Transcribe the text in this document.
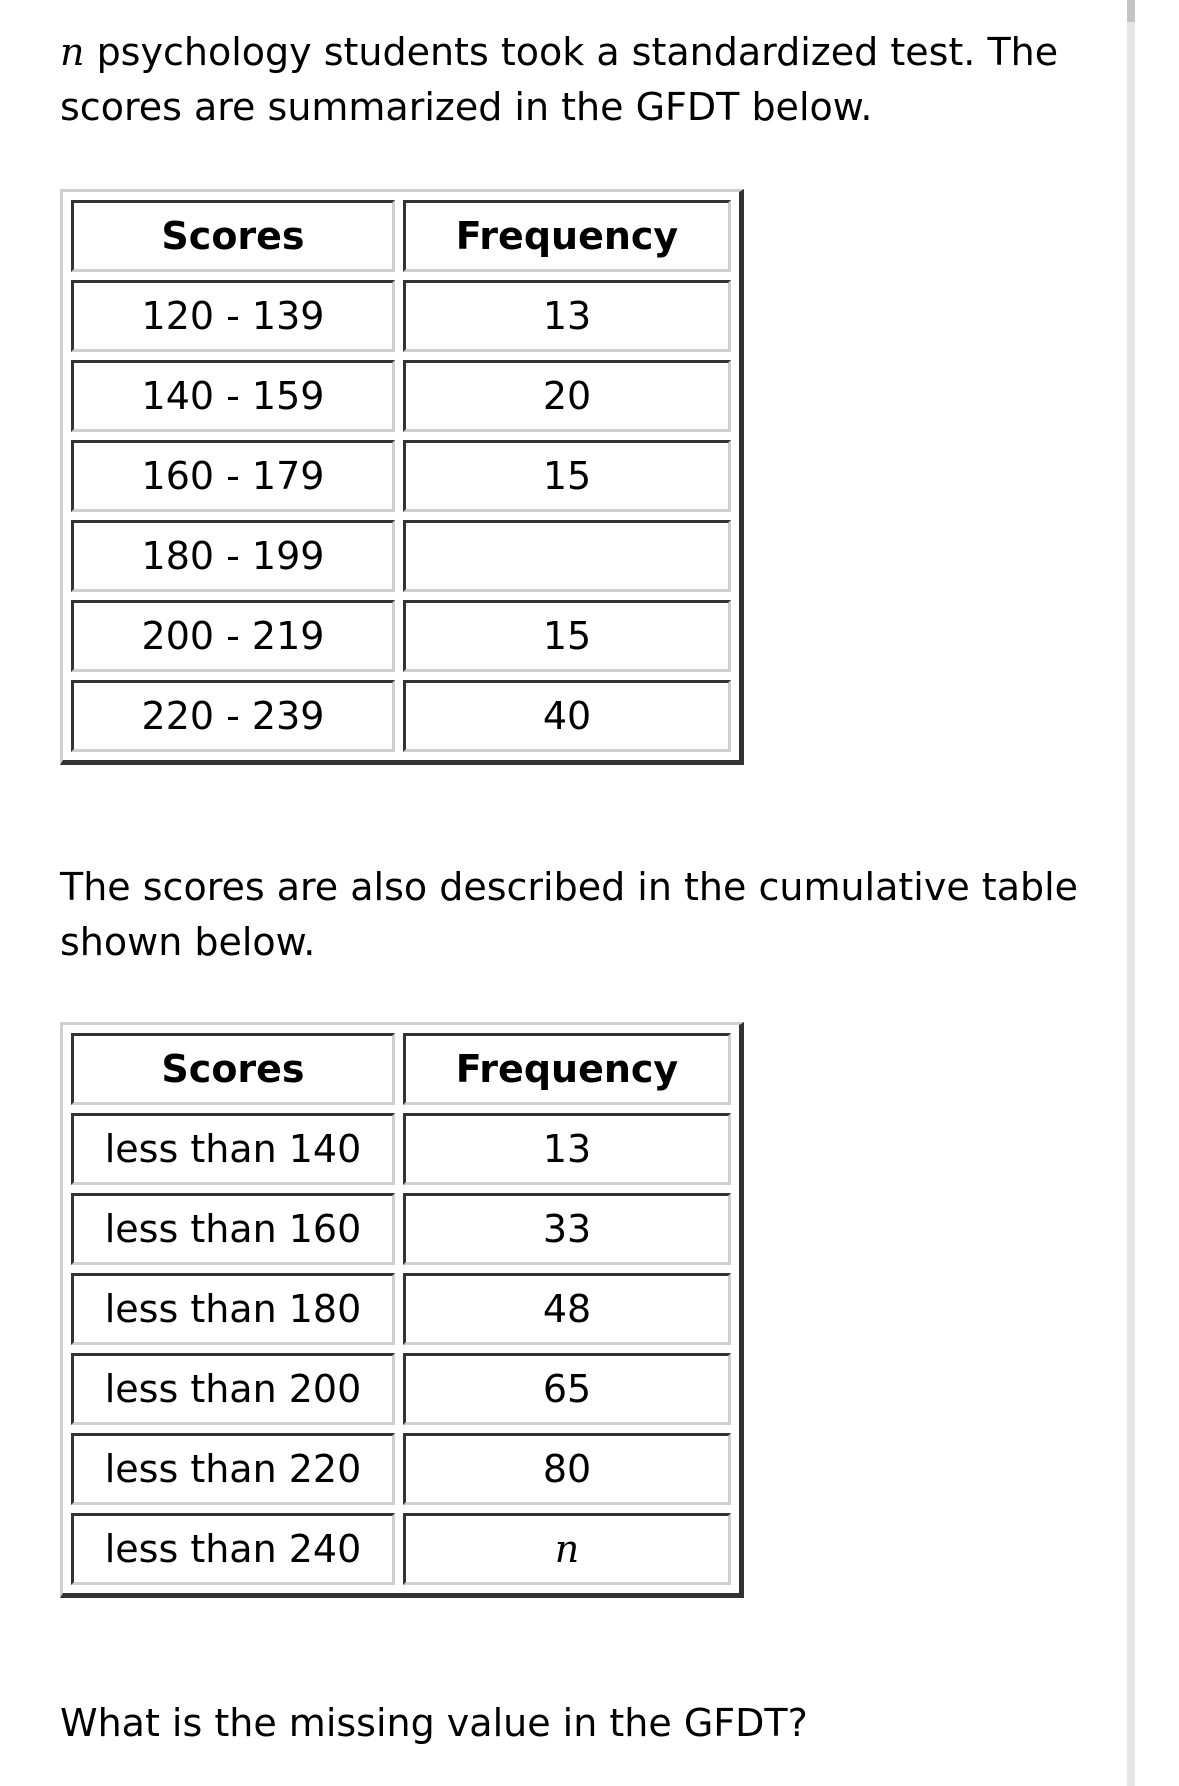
n psychology students took a standardized test. The scores are summarized in the GFDT below.

Scores	Frequency
120 - 139	13
140 - 159	20
160 - 179	15
180 - 199	
200 - 219	15
220 - 239	40

The scores are also described in the cumulative table shown below.

Scores	Frequency
less than 140	13
less than 160	33
less than 180	48
less than 200	65
less than 220	80
less than 240	n

What is the missing value in the GFDT?
